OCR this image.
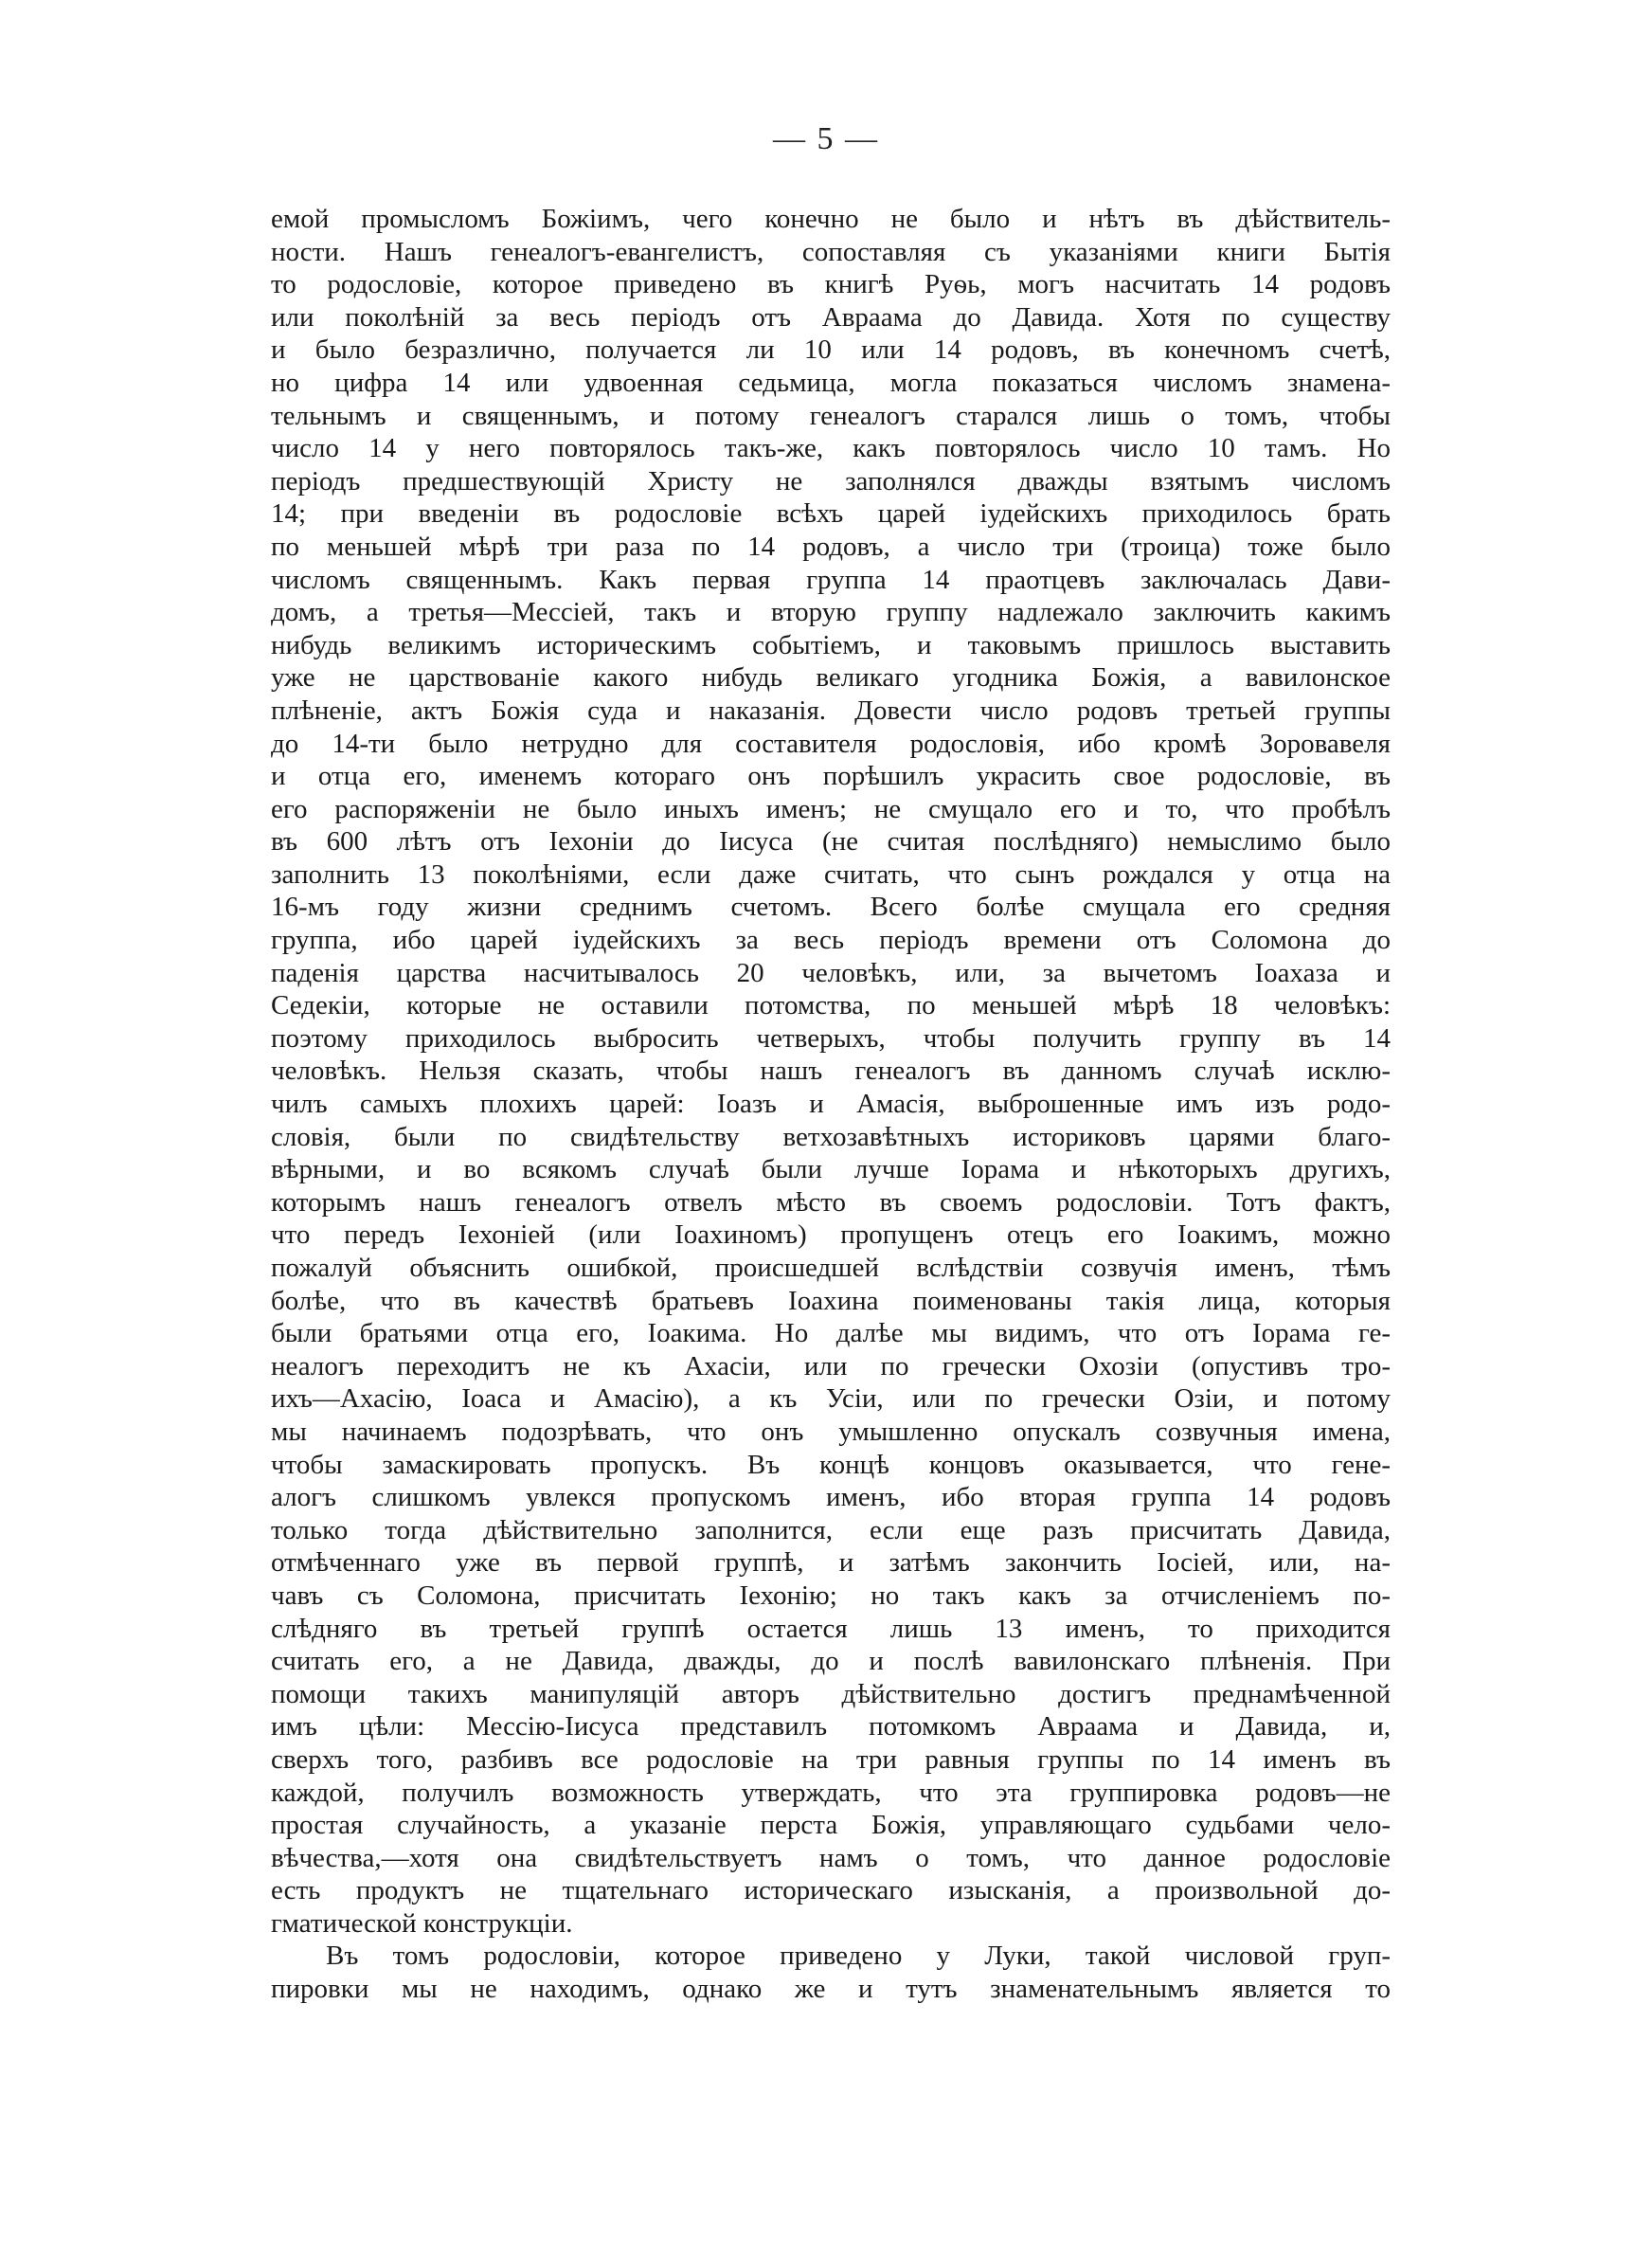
— 5 —
емой промысломъ Божіимъ, чего конечно не было и нѣтъ въ дѣйствитель-
ности. Нашъ генеалогъ-евангелистъ, сопоставляя съ указаніями книги Бытія
то родословіе, которое приведено въ книгѣ Руѳь, могъ насчитать 14 родовъ
или поколѣній за весь періодъ отъ Авраама до Давида. Хотя по существу
и было безразлично, получается ли 10 или 14 родовъ, въ конечномъ счетѣ,
но цифра 14 или удвоенная седьмица, могла показаться числомъ знамена-
тельнымъ и священнымъ, и потому генеалогъ старался лишь о томъ, чтобы
число 14 у него повторялось такъ-же, какъ повторялось число 10 тамъ. Но
періодъ предшествующій Христу не заполнялся дважды взятымъ числомъ
14; при введеніи въ родословіе всѣхъ царей іудейскихъ приходилось брать
по меньшей мѣрѣ три раза по 14 родовъ, а число три (троица) тоже было
числомъ священнымъ. Какъ первая группа 14 праотцевъ заключалась Дави-
домъ, а третья—Мессіей, такъ и вторую группу надлежало заключить какимъ
нибудь великимъ историческимъ событіемъ, и таковымъ пришлось выставить
уже не царствованіе какого нибудь великаго угодника Божія, а вавилонское
плѣненіе, актъ Божія суда и наказанія. Довести число родовъ третьей группы
до 14-ти было нетрудно для составителя родословія, ибо кромѣ Зоровавеля
и отца его, именемъ котораго онъ порѣшилъ украсить свое родословіе, въ
его распоряженіи не было иныхъ именъ; не смущало его и то, что пробѣлъ
въ 600 лѣтъ отъ Іехоніи до Іисуса (не считая послѣдняго) немыслимо было
заполнить 13 поколѣніями, если даже считать, что сынъ рождался у отца на
16-мъ году жизни среднимъ счетомъ. Всего болѣе смущала его средняя
группа, ибо царей іудейскихъ за весь періодъ времени отъ Соломона до
паденія царства насчитывалось 20 человѣкъ, или, за вычетомъ Іоахаза и
Седекіи, которые не оставили потомства, по меньшей мѣрѣ 18 человѣкъ:
поэтому приходилось выбросить четверыхъ, чтобы получить группу въ 14
человѣкъ. Нельзя сказать, чтобы нашъ генеалогъ въ данномъ случаѣ исклю-
чилъ самыхъ плохихъ царей: Іоазъ и Амасія, выброшенные имъ изъ родо-
словія, были по свидѣтельству ветхозавѣтныхъ историковъ царями благо-
вѣрными, и во всякомъ случаѣ были лучше Іорама и нѣкоторыхъ другихъ,
которымъ нашъ генеалогъ отвелъ мѣсто въ своемъ родословіи. Тотъ фактъ,
что передъ Іехоніей (или Іоахиномъ) пропущенъ отецъ его Іоакимъ, можно
пожалуй объяснить ошибкой, происшедшей вслѣдствіи созвучія именъ, тѣмъ
болѣе, что въ качествѣ братьевъ Іоахина поименованы такія лица, которыя
были братьями отца его, Іоакима. Но далѣе мы видимъ, что отъ Іорама ге-
неалогъ переходитъ не къ Ахасіи, или по гречески Охозіи (опустивъ тро-
ихъ—Ахасію, Іоаса и Амасію), а къ Усіи, или по гречески Озіи, и потому
мы начинаемъ подозрѣвать, что онъ умышленно опускалъ созвучныя имена,
чтобы замаскировать пропускъ. Въ концѣ концовъ оказывается, что гене-
алогъ слишкомъ увлекся пропускомъ именъ, ибо вторая группа 14 родовъ
только тогда дѣйствительно заполнится, если еще разъ присчитать Давида,
отмѣченнаго уже въ первой группѣ, и затѣмъ закончить Іосіей, или, на-
чавъ съ Соломона, присчитать Іехонію; но такъ какъ за отчисленіемъ по-
слѣдняго въ третьей группѣ остается лишь 13 именъ, то приходится
считать его, а не Давида, дважды, до и послѣ вавилонскаго плѣненія. При
помощи такихъ манипуляцій авторъ дѣйствительно достигъ преднамѣченной
имъ цѣли: Мессію-Іисуса представилъ потомкомъ Авраама и Давида, и,
сверхъ того, разбивъ все родословіе на три равныя группы по 14 именъ въ
каждой, получилъ возможность утверждать, что эта группировка родовъ—не
простая случайность, а указаніе перста Божія, управляющаго судьбами чело-
вѣчества,—хотя она свидѣтельствуетъ намъ о томъ, что данное родословіе
есть продуктъ не тщательнаго историческаго изысканія, а произвольной до-
гматической конструкціи.
Въ томъ родословіи, которое приведено у Луки, такой числовой груп-
пировки мы не находимъ, однако же и тутъ знаменательнымъ является то
